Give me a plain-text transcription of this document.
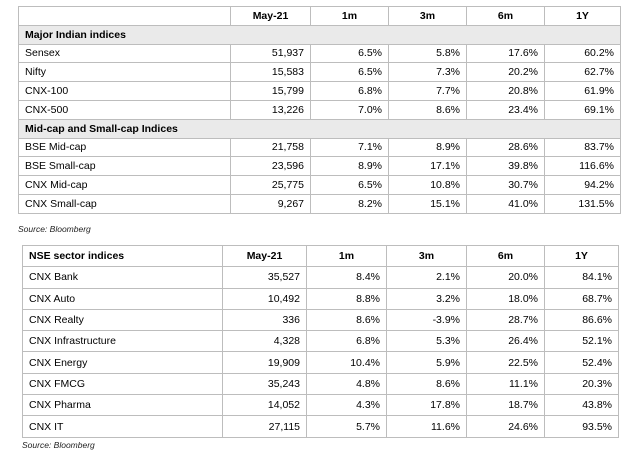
	May-21	1m	3m	6m	1Y
Major Indian indices					
Sensex	51,937	6.5%	5.8%	17.6%	60.2%
Nifty	15,583	6.5%	7.3%	20.2%	62.7%
CNX-100	15,799	6.8%	7.7%	20.8%	61.9%
CNX-500	13,226	7.0%	8.6%	23.4%	69.1%
Mid-cap and Small-cap Indices					
BSE Mid-cap	21,758	7.1%	8.9%	28.6%	83.7%
BSE Small-cap	23,596	8.9%	17.1%	39.8%	116.6%
CNX Mid-cap	25,775	6.5%	10.8%	30.7%	94.2%
CNX Small-cap	9,267	8.2%	15.1%	41.0%	131.5%
Source: Bloomberg
NSE sector indices	May-21	1m	3m	6m	1Y
CNX Bank	35,527	8.4%	2.1%	20.0%	84.1%
CNX Auto	10,492	8.8%	3.2%	18.0%	68.7%
CNX Realty	336	8.6%	-3.9%	28.7%	86.6%
CNX Infrastructure	4,328	6.8%	5.3%	26.4%	52.1%
CNX Energy	19,909	10.4%	5.9%	22.5%	52.4%
CNX FMCG	35,243	4.8%	8.6%	11.1%	20.3%
CNX Pharma	14,052	4.3%	17.8%	18.7%	43.8%
CNX IT	27,115	5.7%	11.6%	24.6%	93.5%
Source: Bloomberg
